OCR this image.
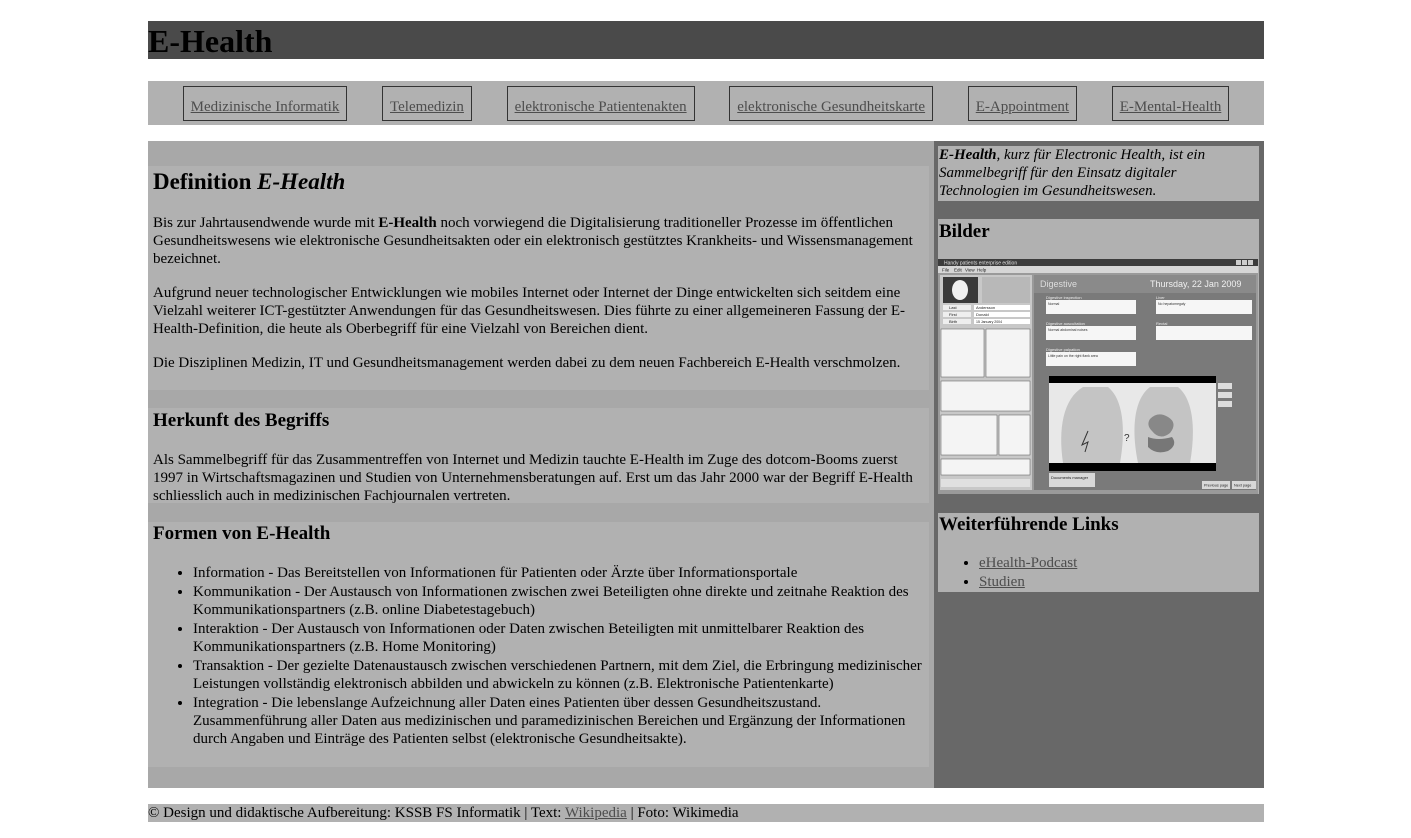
E-Health
Medizinische Informatik	Telemedizin	elektronische Patientenakten	elektronische Gesundheitskarte	E-Appointment	E-Mental-Health
Definition E-Health

Bis zur Jahrtausendwende wurde mit E-Health noch vorwiegend die Digitalisierung traditioneller Prozesse im öffentlichen Gesundheitswesens wie elektronische Gesundheitsakten oder ein elektronisch gestütztes Krankheits- und Wissensmanagement bezeichnet.

Aufgrund neuer technologischer Entwicklungen wie mobiles Internet oder Internet der Dinge entwickelten sich seitdem eine Vielzahl weiterer ICT-gestützter Anwendungen für das Gesundheitswesen. Dies führte zu einer allgemeineren Fassung der E-Health-Definition, die heute als Oberbegriff für eine Vielzahl von Bereichen dient.

Die Disziplinen Medizin, IT und Gesundheitsmanagement werden dabei zu dem neuen Fachbereich E-Health verschmolzen.

Herkunft des Begriffs

Als Sammelbegriff für das Zusammentreffen von Internet und Medizin tauchte E-Health im Zuge des dotcom-Booms zuerst 1997 in Wirtschaftsmagazinen und Studien von Unternehmensberatungen auf. Erst um das Jahr 2000 war der Begriff E-Health schliesslich auch in medizinischen Fachjournalen vertreten.

Formen von E-Health
• Information - Das Bereitstellen von Informationen für Patienten oder Ärzte über Informationsportale
• Kommunikation - Der Austausch von Informationen zwischen zwei Beteiligten ohne direkte und zeitnahe Reaktion des Kommunikationspartners (z.B. online Diabetestagebuch)
• Interaktion - Der Austausch von Informationen oder Daten zwischen Beteiligten mit unmittelbarer Reaktion des Kommunikationspartners (z.B. Home Monitoring)
• Transaktion - Der gezielte Datenaustausch zwischen verschiedenen Partnern, mit dem Ziel, die Erbringung medizinischer Leistungen vollständig elektronisch abbilden und abwickeln zu können (z.B. Elektronische Patientenkarte)
• Integration - Die lebenslange Aufzeichnung aller Daten eines Patienten über dessen Gesundheitszustand. Zusammenführung aller Daten aus medizinischen und paramedizinischen Bereichen und Ergänzung der Informationen durch Angaben und Einträge des Patienten selbst (elektronische Gesundheitsakte).
E-Health, kurz für Electronic Health, ist ein Sammelbegriff für den Einsatz digitaler Technologien im Gesundheitswesen.
Bilder
Handy patients enterprise edition
File Edit View Help
Last	Andersson
First	Donald
Birth	15 January 2004
Digestive	Thursday, 22 Jan 2009
Digestive inspection
Normal
Liver
No hepatomegaly
Digestive auscultation
Normal abdominal noises
Rectal
Digestive palpation
Little pain on the right flank area
?
Documents manager
Previous page Next page
Weiterführende Links
• eHealth-Podcast
• Studien
© Design und didaktische Aufbereitung: KSSB FS Informatik | Text: Wikipedia | Foto: Wikimedia
